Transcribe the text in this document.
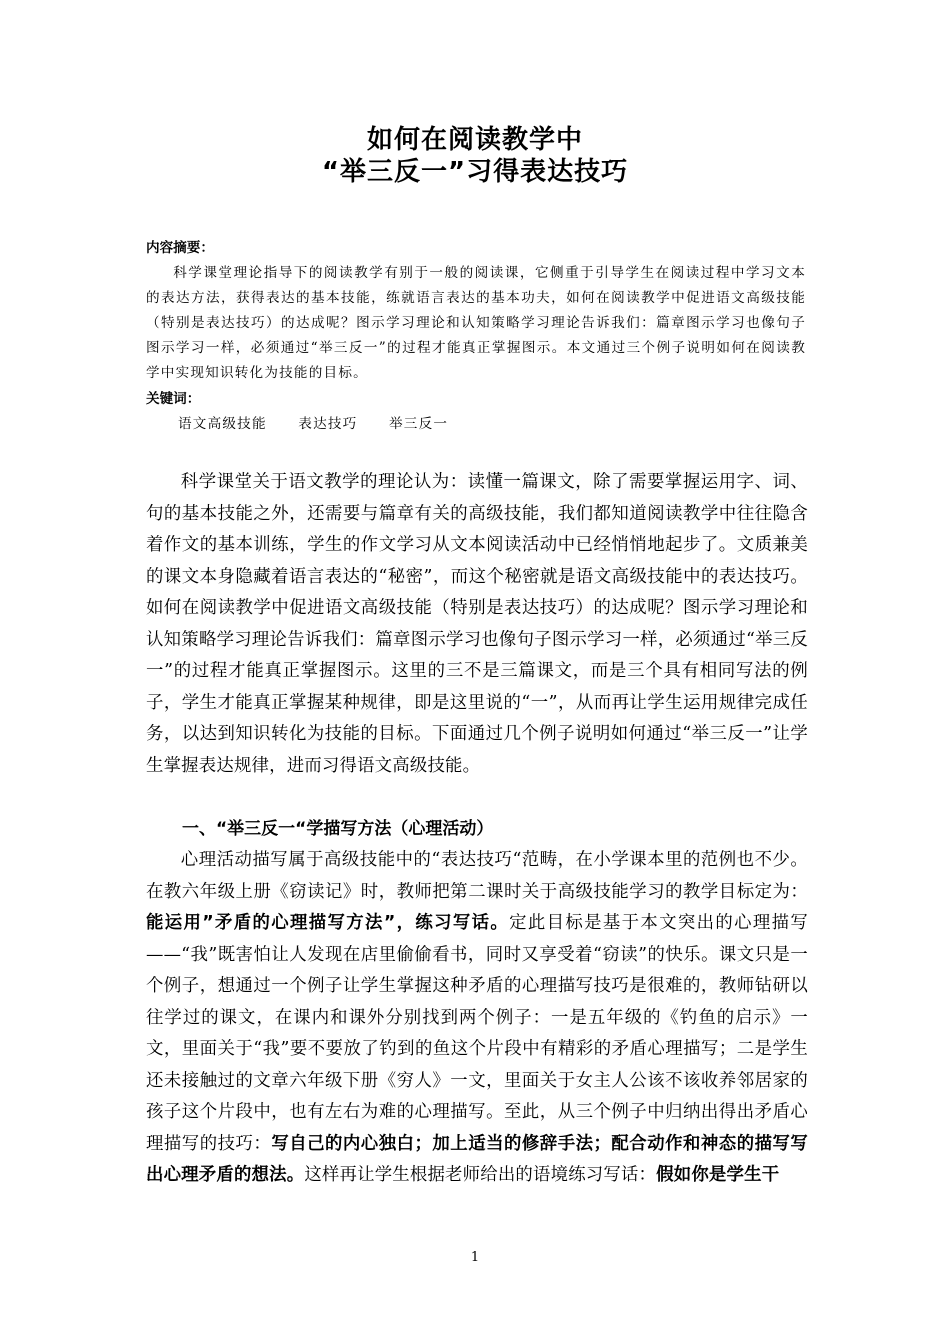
如何在阅读教学中
“举三反一”习得表达技巧
内容摘要：
科学课堂理论指导下的阅读教学有别于一般的阅读课，它侧重于引导学生在阅读过程中学习文本的表达方法，获得表达的基本技能，练就语言表达的基本功夫，如何在阅读教学中促进语文高级技能（特别是表达技巧）的达成呢？图示学习理论和认知策略学习理论告诉我们：篇章图示学习也像句子图示学习一样，必须通过“举三反一”的过程才能真正掌握图示。本文通过三个例子说明如何在阅读教学中实现知识转化为技能的目标。
关键词：
语文高级技能 表达技巧 举三反一
科学课堂关于语文教学的理论认为：读懂一篇课文，除了需要掌握运用字、词、句的基本技能之外，还需要与篇章有关的高级技能，我们都知道阅读教学中往往隐含着作文的基本训练，学生的作文学习从文本阅读活动中已经悄悄地起步了。文质兼美的课文本身隐藏着语言表达的“秘密”，而这个秘密就是语文高级技能中的表达技巧。如何在阅读教学中促进语文高级技能（特别是表达技巧）的达成呢？图示学习理论和认知策略学习理论告诉我们：篇章图示学习也像句子图示学习一样，必须通过“举三反一”的过程才能真正掌握图示。这里的三不是三篇课文，而是三个具有相同写法的例子，学生才能真正掌握某种规律，即是这里说的“一”，从而再让学生运用规律完成任务，以达到知识转化为技能的目标。下面通过几个例子说明如何通过“举三反一”让学生掌握表达规律，进而习得语文高级技能。
一、“举三反一“学描写方法（心理活动）
心理活动描写属于高级技能中的“表达技巧“范畴，在小学课本里的范例也不少。在教六年级上册《窃读记》时，教师把第二课时关于高级技能学习的教学目标定为：能运用”矛盾的心理描写方法”，练习写话。定此目标是基于本文突出的心理描写——“我”既害怕让人发现在店里偷偷看书，同时又享受着“窃读”的快乐。课文只是一个例子，想通过一个例子让学生掌握这种矛盾的心理描写技巧是很难的，教师钻研以往学过的课文，在课内和课外分别找到两个例子：一是五年级的《钓鱼的启示》一文，里面关于“我”要不要放了钓到的鱼这个片段中有精彩的矛盾心理描写；二是学生还未接触过的文章六年级下册《穷人》一文，里面关于女主人公该不该收养邻居家的孩子这个片段中，也有左右为难的心理描写。至此，从三个例子中归纳出得出矛盾心理描写的技巧：写自己的内心独白；加上适当的修辞手法；配合动作和神态的描写写出心理矛盾的想法。这样再让学生根据老师给出的语境练习写话：假如你是学生干
1
